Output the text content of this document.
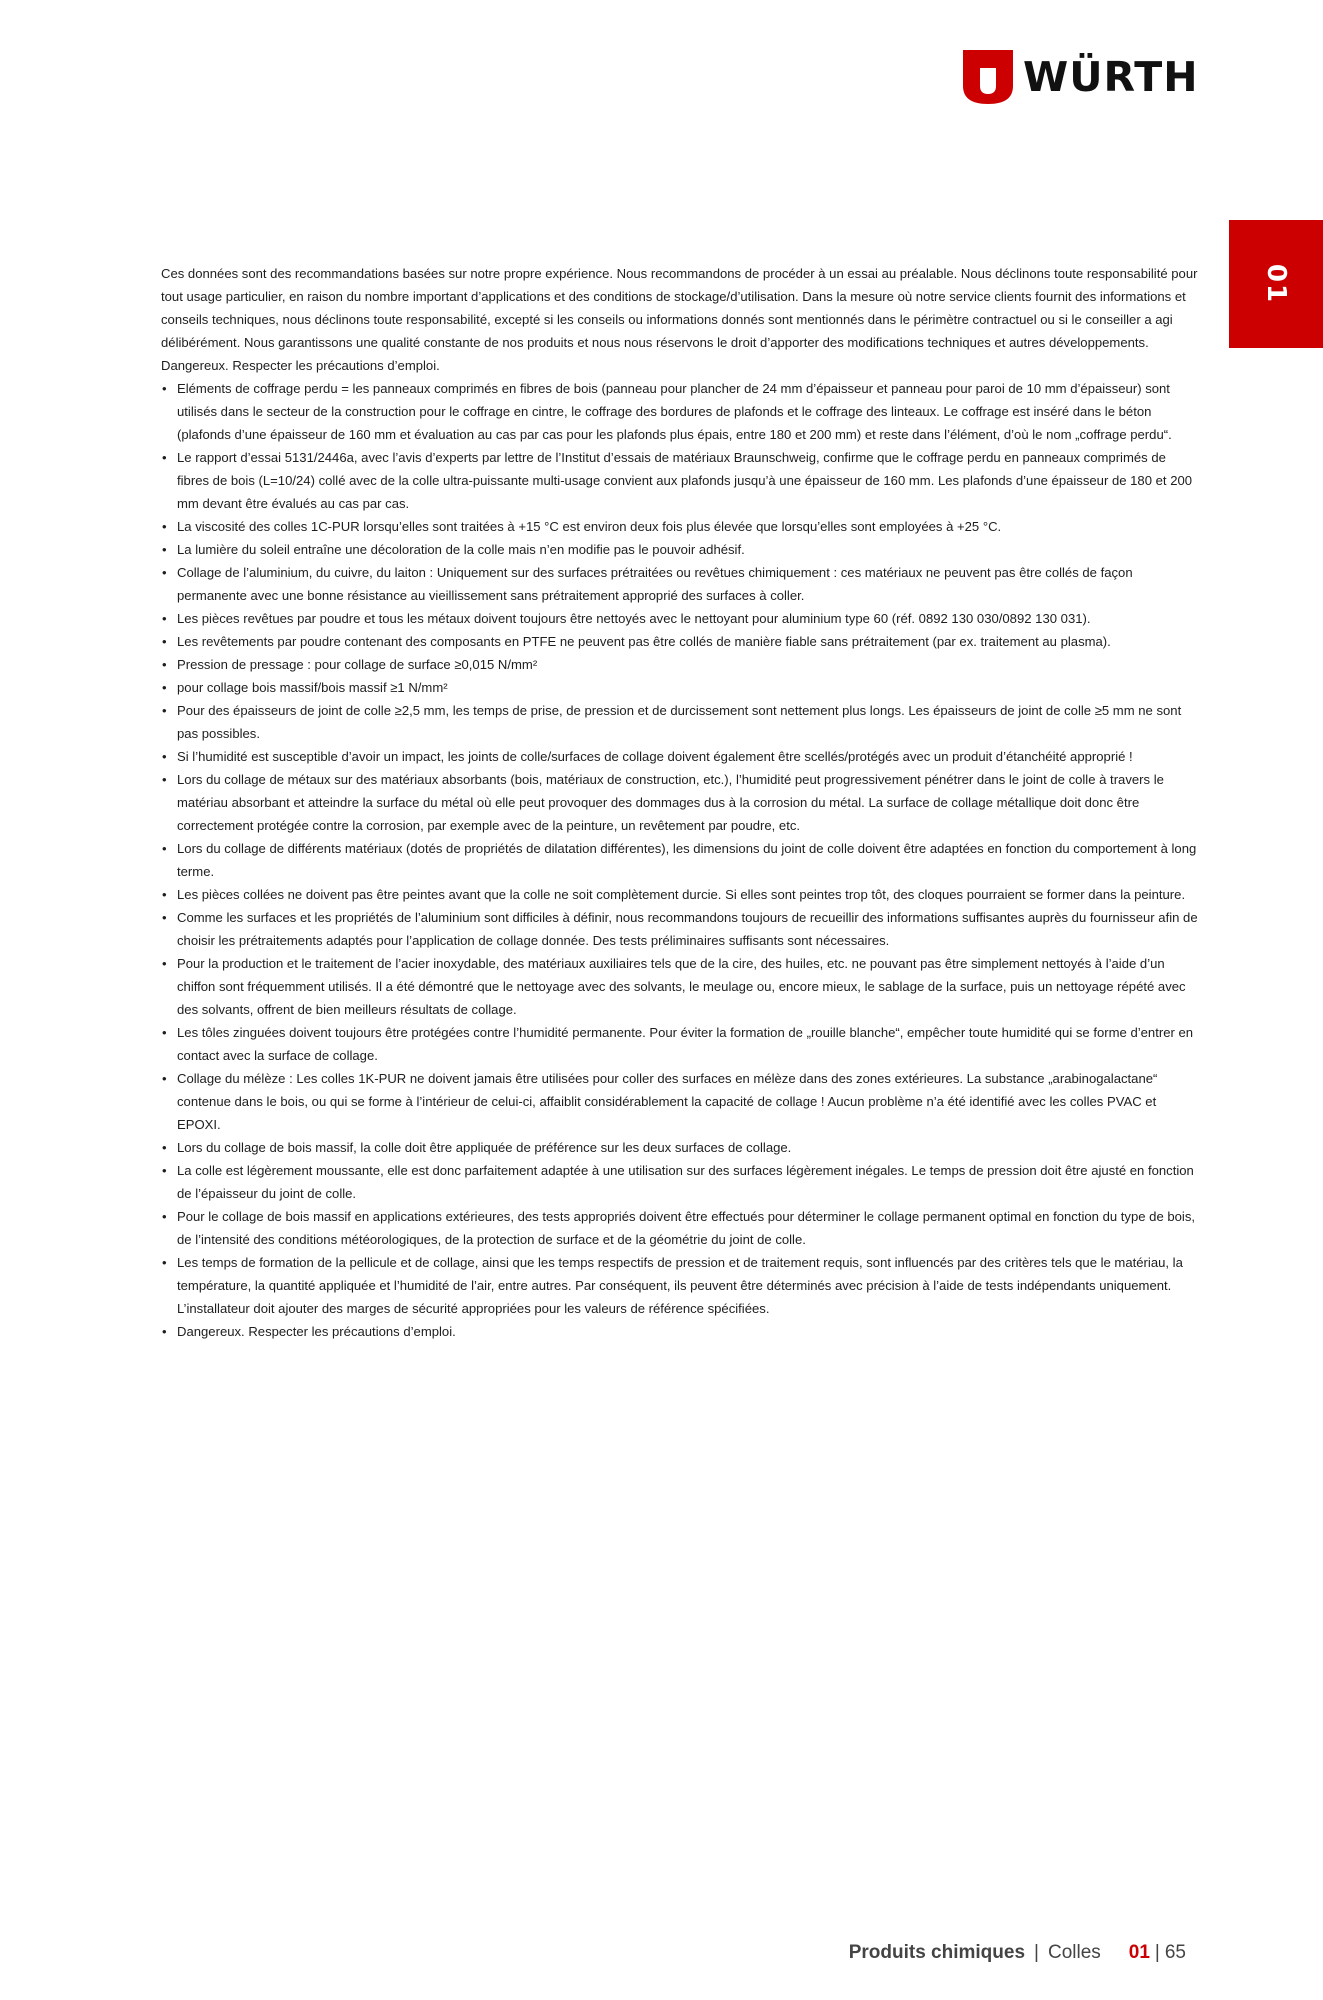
WÜRTH
01

Ces données sont des recommandations basées sur notre propre expérience. Nous recommandons de procéder à un essai au préalable. Nous déclinons toute responsabilité pour tout usage particulier, en raison du nombre important d’applications et des conditions de stockage/d’utilisation. Dans la mesure où notre service clients fournit des informations et conseils techniques, nous déclinons toute responsabilité, excepté si les conseils ou informations donnés sont mentionnés dans le périmètre contractuel ou si le conseiller a agi délibérément. Nous garantissons une qualité constante de nos produits et nous nous réservons le droit d’apporter des modifications techniques et autres développements.

Dangereux. Respecter les précautions d’emploi.

• Eléments de coffrage perdu = les panneaux comprimés en fibres de bois (panneau pour plancher de 24 mm d’épaisseur et panneau pour paroi de 10 mm d’épaisseur) sont utilisés dans le secteur de la construction pour le coffrage en cintre, le coffrage des bordures de plafonds et le coffrage des linteaux. Le coffrage est inséré dans le béton (plafonds d’une épaisseur de 160 mm et évaluation au cas par cas pour les plafonds plus épais, entre 180 et 200 mm) et reste dans l’élément, d’où le nom „coffrage perdu“.
• Le rapport d’essai 5131/2446a, avec l’avis d’experts par lettre de l’Institut d’essais de matériaux Braunschweig, confirme que le coffrage perdu en panneaux comprimés de fibres de bois (L=10/24) collé avec de la colle ultra-puissante multi-usage convient aux plafonds jusqu’à une épaisseur de 160 mm. Les plafonds d’une épaisseur de 180 et 200 mm devant être évalués au cas par cas.
• La viscosité des colles 1C-PUR lorsqu’elles sont traitées à +15 °C est environ deux fois plus élevée que lorsqu’elles sont employées à +25 °C.
• La lumière du soleil entraîne une décoloration de la colle mais n’en modifie pas le pouvoir adhésif.
• Collage de l’aluminium, du cuivre, du laiton : Uniquement sur des surfaces prétraitées ou revêtues chimiquement : ces matériaux ne peuvent pas être collés de façon permanente avec une bonne résistance au vieillissement sans prétraitement approprié des surfaces à coller.
• Les pièces revêtues par poudre et tous les métaux doivent toujours être nettoyés avec le nettoyant pour aluminium type 60 (réf. 0892 130 030/0892 130 031).
• Les revêtements par poudre contenant des composants en PTFE ne peuvent pas être collés de manière fiable sans prétraitement (par ex. traitement au plasma).
• Pression de pressage : pour collage de surface ≥0,015 N/mm²
• pour collage bois massif/bois massif ≥1 N/mm²
• Pour des épaisseurs de joint de colle ≥2,5 mm, les temps de prise, de pression et de durcissement sont nettement plus longs. Les épaisseurs de joint de colle ≥5 mm ne sont pas possibles.
• Si l’humidité est susceptible d’avoir un impact, les joints de colle/surfaces de collage doivent également être scellés/protégés avec un produit d’étanchéité approprié !
• Lors du collage de métaux sur des matériaux absorbants (bois, matériaux de construction, etc.), l’humidité peut progressivement pénétrer dans le joint de colle à travers le matériau absorbant et atteindre la surface du métal où elle peut provoquer des dommages dus à la corrosion du métal. La surface de collage métallique doit donc être correctement protégée contre la corrosion, par exemple avec de la peinture, un revêtement par poudre, etc.
• Lors du collage de différents matériaux (dotés de propriétés de dilatation différentes), les dimensions du joint de colle doivent être adaptées en fonction du comportement à long terme.
• Les pièces collées ne doivent pas être peintes avant que la colle ne soit complètement durcie. Si elles sont peintes trop tôt, des cloques pourraient se former dans la peinture.
• Comme les surfaces et les propriétés de l’aluminium sont difficiles à définir, nous recommandons toujours de recueillir des informations suffisantes auprès du fournisseur afin de choisir les prétraitements adaptés pour l’application de collage donnée. Des tests préliminaires suffisants sont nécessaires.
• Pour la production et le traitement de l’acier inoxydable, des matériaux auxiliaires tels que de la cire, des huiles, etc. ne pouvant pas être simplement nettoyés à l’aide d’un chiffon sont fréquemment utilisés. Il a été démontré que le nettoyage avec des solvants, le meulage ou, encore mieux, le sablage de la surface, puis un nettoyage répété avec des solvants, offrent de bien meilleurs résultats de collage.
• Les tôles zinguées doivent toujours être protégées contre l’humidité permanente. Pour éviter la formation de „rouille blanche“, empêcher toute humidité qui se forme d’entrer en contact avec la surface de collage.
• Collage du mélèze : Les colles 1K-PUR ne doivent jamais être utilisées pour coller des surfaces en mélèze dans des zones extérieures. La substance „arabinogalactane“ contenue dans le bois, ou qui se forme à l’intérieur de celui-ci, affaiblit considérablement la capacité de collage ! Aucun problème n’a été identifié avec les colles PVAC et EPOXI.
• Lors du collage de bois massif, la colle doit être appliquée de préférence sur les deux surfaces de collage.
• La colle est légèrement moussante, elle est donc parfaitement adaptée à une utilisation sur des surfaces légèrement inégales. Le temps de pression doit être ajusté en fonction de l’épaisseur du joint de colle.
• Pour le collage de bois massif en applications extérieures, des tests appropriés doivent être effectués pour déterminer le collage permanent optimal en fonction du type de bois, de l’intensité des conditions météorologiques, de la protection de surface et de la géométrie du joint de colle.
• Les temps de formation de la pellicule et de collage, ainsi que les temps respectifs de pression et de traitement requis, sont influencés par des critères tels que le matériau, la température, la quantité appliquée et l’humidité de l’air, entre autres. Par conséquent, ils peuvent être déterminés avec précision à l’aide de tests indépendants uniquement. L’installateur doit ajouter des marges de sécurité appropriées pour les valeurs de référence spécifiées.
• Dangereux. Respecter les précautions d’emploi.
Produits chimiques | Colles 01 | 65
